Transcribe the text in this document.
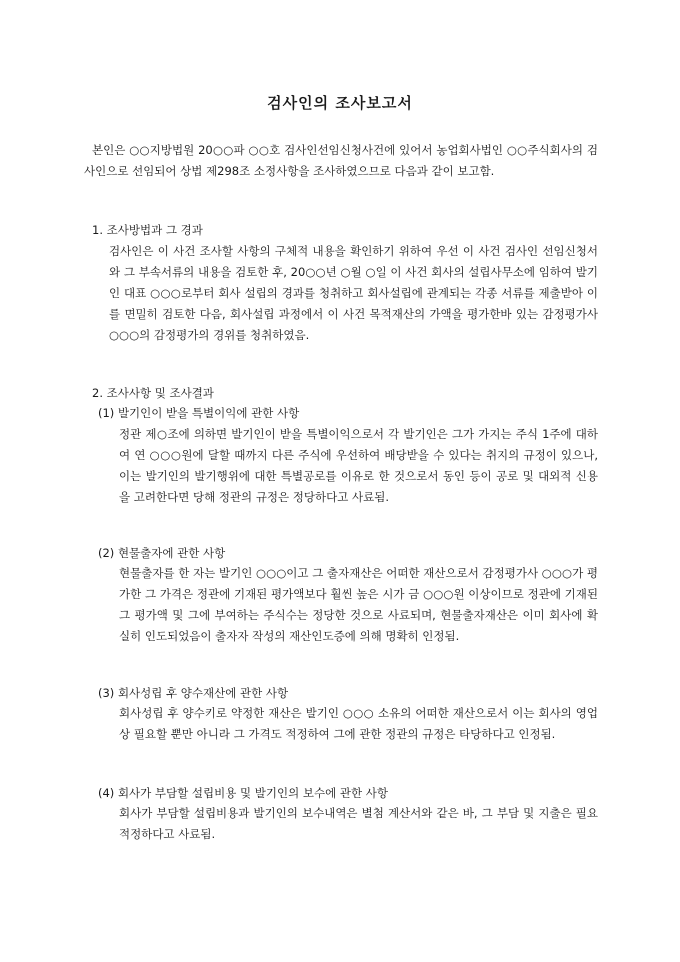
검사인의 조사보고서
본인은 ○○지방법원 20○○파 ○○호 검사인선임신청사건에 있어서 농업회사법인 ○○주식회사의 검사인으로 선임되어 상법 제298조 소정사항을 조사하였으므로 다음과 같이 보고함.
1. 조사방법과 그 경과
검사인은 이 사건 조사할 사항의 구체적 내용을 확인하기 위하여 우선 이 사건 검사인 선임신청서와 그 부속서류의 내용을 검토한 후, 20○○년 ○월 ○일 이 사건 회사의 설립사무소에 임하여 발기인 대표 ○○○로부터 회사 설립의 경과를 청취하고 회사설립에 관계되는 각종 서류를 제출받아 이를 면밀히 검토한 다음, 회사설립 과정에서 이 사건 목적재산의 가액을 평가한바 있는 감정평가사 ○○○의 감정평가의 경위를 청취하였음.
2. 조사사항 및 조사결과
(1) 발기인이 받을 특별이익에 관한 사항
정관 제○조에 의하면 발기인이 받을 특별이익으로서 각 발기인은 그가 가지는 주식 1주에 대하여 연 ○○○원에 달할 때까지 다른 주식에 우선하여 배당받을 수 있다는 취지의 규정이 있으나, 이는 발기인의 발기행위에 대한 특별공로를 이유로 한 것으로서 동인 등이 공로 및 대외적 신용을 고려한다면 당해 정관의 규정은 정당하다고 사료됨.
(2) 현물출자에 관한 사항
현물출자를 한 자는 발기인 ○○○이고 그 출자재산은 어떠한 재산으로서 감정평가사 ○○○가 평가한 그 가격은 정관에 기재된 평가액보다 훨씬 높은 시가 금 ○○○원 이상이므로 정관에 기재된 그 평가액 및 그에 부여하는 주식수는 정당한 것으로 사료되며, 현물출자재산은 이미 회사에 확실히 인도되었음이 출자자 작성의 재산인도증에 의해 명확히 인정됨.
(3) 회사성립 후 양수재산에 관한 사항
회사성립 후 양수키로 약정한 재산은 발기인 ○○○ 소유의 어떠한 재산으로서 이는 회사의 영업상 필요할 뿐만 아니라 그 가격도 적정하여 그에 관한 정관의 규정은 타당하다고 인정됨.
(4) 회사가 부담할 설립비용 및 발기인의 보수에 관한 사항
회사가 부담할 설립비용과 발기인의 보수내역은 별첨 계산서와 같은 바, 그 부담 및 지출은 필요 적정하다고 사료됨.
